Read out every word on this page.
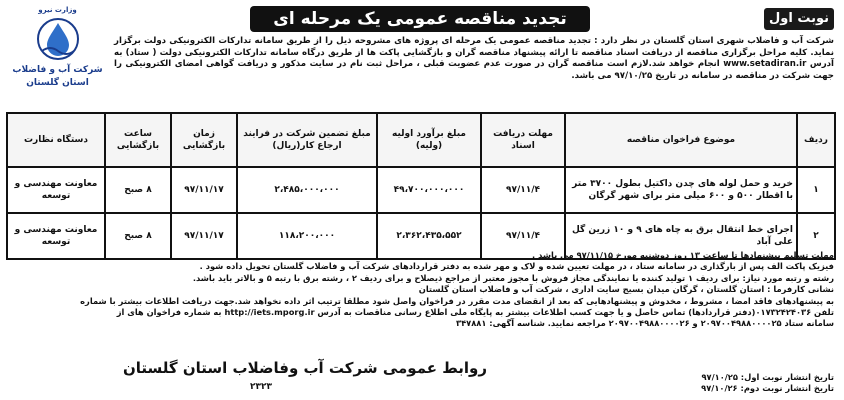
نوبت اول
تجدید مناقصه عمومی یک مرحله ای
وزارت نیرو
شرکت آب و فاضلاب
استان گلستان
شرکت آب و فاضلاب شهری استان گلستان در نظر دارد : تجدید مناقصه عمومی یک مرحله ای پروژه های مشروحه ذیل را از طریق سامانه تدارکات الکترونیکی دولت برگزار نماید. کلیه مراحل برگزاری مناقصه از دریافت اسناد مناقصه تا ارائه پیشنهاد مناقصه گران و بازگشایی پاکت ها از طریق درگاه سامانه تدارکات الکترونیکی دولت ( ستاد) به آدرس www.setadiran.ir انجام خواهد شد.لازم است مناقصه گران در صورت عدم عضویت قبلی ، مراحل ثبت نام در سایت مذکور و دریافت گواهی امضای الکترونیکی را جهت شرکت در مناقصه در سامانه در تاریخ ۹۷/۱۰/۲۵ می باشد.
ردیف	موضوع فراخوان مناقصه	مهلت دریافت اسناد	مبلغ برآورد اولیه (ولیه)	مبلغ تضمین شرکت در فرایند ارجاع کار(ریال)	زمان بازگشایی	ساعت بازگشایی	دستگاه نظارت
۱	خرید و حمل لوله های چدن داکتیل بطول ۳۷۰۰ متر با اقطار ۵۰۰ و ۶۰۰ میلی متر برای شهر گرگان	۹۷/۱۱/۴	۴۹،۷۰۰،۰۰۰،۰۰۰	۲،۴۸۵،۰۰۰،۰۰۰	۹۷/۱۱/۱۷	۸ صبح	معاونت مهندسی و توسعه
۲	اجرای خط انتقال برق به چاه های ۹ و ۱۰ زرین گل علی آباد	۹۷/۱۱/۴	۲،۳۶۲،۴۳۵،۵۵۲	۱۱۸،۲۰۰،۰۰۰	۹۷/۱۱/۱۷	۸ صبح	معاونت مهندسی و توسعه
مهلت تسلیم پیشنهادها تا ساعت ۱۳ روز دوشنبه مورخ ۹۷/۱۱/۱۵ می باشد .
فیزیک پاکت الف پس از بارگذاری در سامانه ستاد ، در مهلت تعیین شده و لاک و مهر شده به دفتر قراردادهای شرکت آب و فاضلاب گلستان تحویل داده شود .
رشته و رتبه مورد نیاز: برای ردیف ۱ تولید کننده یا نمایندگی مجاز فروش با مجوز معتبر از مراجع ذیصلاح و برای ردیف ۲ ، رشته برق با رتبه ۵ و بالاتر باید باشد.
نشانی کارفرما : استان گلستان ، گرگان میدان بسیج سایت اداری ، شرکت آب و فاضلاب استان گلستان
به پیشنهادهای فاقد امضا ، مشروط ، مخدوش و پیشنهادهایی که بعد از انقضای مدت مقرر در فراخوان واصل شود مطلقا ترتیب اثر داده نخواهد شد.جهت دریافت اطلاعات بیشتر با شماره
تلفن ۰۱۷۳۲۴۲۴۰۳۶(دفتر قراردادها) تماس حاصل و یا جهت کسب اطلاعات بیشتر به پایگاه ملی اطلاع رسانی مناقصات به آدرس http://iets.mporg.ir به شماره فراخوان های از
سامانه ستاد ۲۰۹۷۰۰۴۹۸۸۰۰۰۰۲۵ و ۲۰۹۷۰۰۴۹۸۸۰۰۰۰۲۶ مراجعه نمایید. شناسه آگهی: ۳۴۷۸۸۱
تاریخ انتشار نوبت اول: ۹۷/۱۰/۲۵
تاریخ انتشار نوبت دوم: ۹۷/۱۰/۲۶
روابط عمومی شرکت آب وفاضلاب استان گلستان
۲۳۲۳
